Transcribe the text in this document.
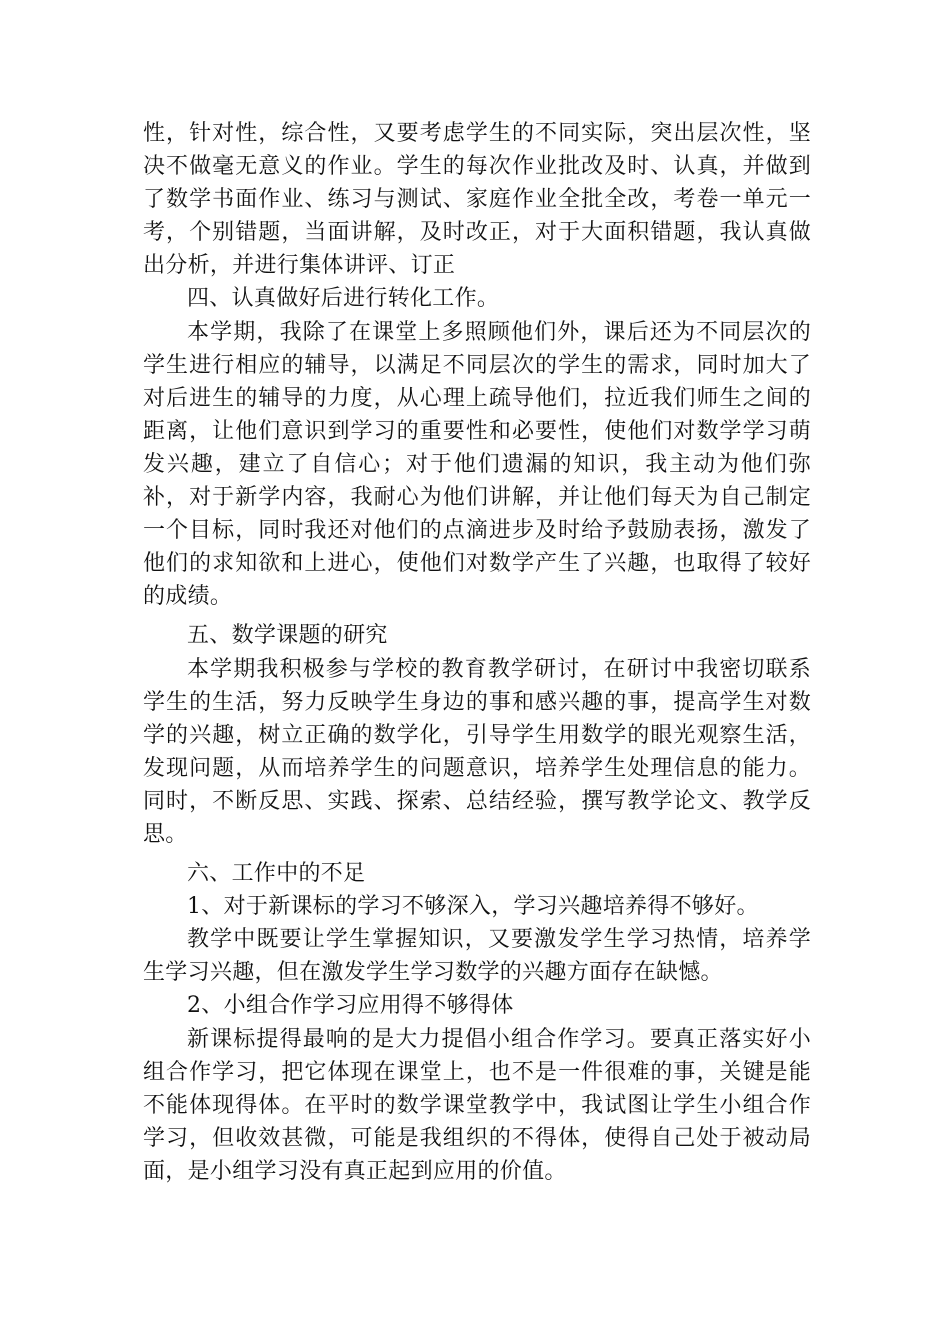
性，针对性，综合性，又要考虑学生的不同实际，突出层次性，坚决不做毫无意义的作业。学生的每次作业批改及时、认真，并做到了数学书面作业、练习与测试、家庭作业全批全改，考卷一单元一考，个别错题，当面讲解，及时改正，对于大面积错题，我认真做出分析，并进行集体讲评、订正

四、认真做好后进行转化工作。

本学期，我除了在课堂上多照顾他们外，课后还为不同层次的学生进行相应的辅导，以满足不同层次的学生的需求，同时加大了对后进生的辅导的力度，从心理上疏导他们，拉近我们师生之间的距离，让他们意识到学习的重要性和必要性，使他们对数学学习萌发兴趣，建立了自信心；对于他们遗漏的知识，我主动为他们弥补，对于新学内容，我耐心为他们讲解，并让他们每天为自己制定一个目标，同时我还对他们的点滴进步及时给予鼓励表扬，激发了他们的求知欲和上进心，使他们对数学产生了兴趣，也取得了较好的成绩。

五、数学课题的研究

本学期我积极参与学校的教育教学研讨，在研讨中我密切联系学生的生活，努力反映学生身边的事和感兴趣的事，提高学生对数学的兴趣，树立正确的数学化，引导学生用数学的眼光观察生活，发现问题，从而培养学生的问题意识，培养学生处理信息的能力。同时，不断反思、实践、探索、总结经验，撰写教学论文、教学反思。

六、工作中的不足

1、对于新课标的学习不够深入，学习兴趣培养得不够好。

教学中既要让学生掌握知识，又要激发学生学习热情，培养学生学习兴趣，但在激发学生学习数学的兴趣方面存在缺憾。

2、小组合作学习应用得不够得体

新课标提得最响的是大力提倡小组合作学习。要真正落实好小组合作学习，把它体现在课堂上，也不是一件很难的事，关键是能不能体现得体。在平时的数学课堂教学中，我试图让学生小组合作学习，但收效甚微，可能是我组织的不得体，使得自己处于被动局面，是小组学习没有真正起到应用的价值。
